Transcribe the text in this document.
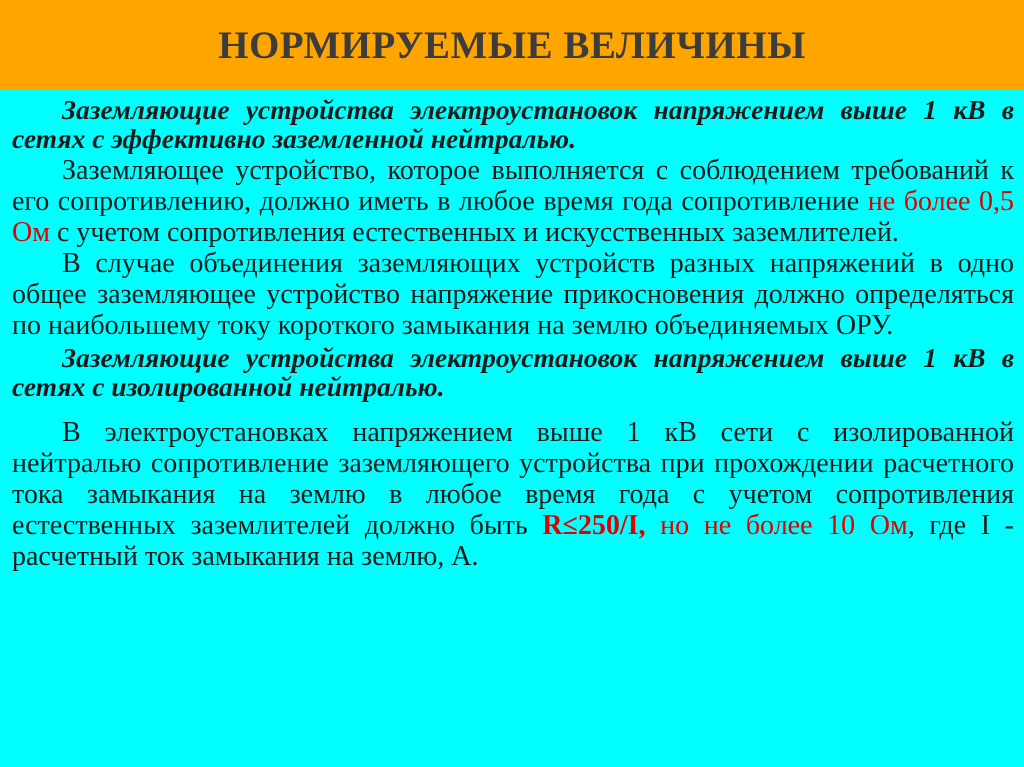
НОРМИРУЕМЫЕ ВЕЛИЧИНЫ

Заземляющие устройства электроустановок напряжением выше 1 кВ в сетях с эффективно заземленной нейтралью.

Заземляющее устройство, которое выполняется с соблюдением требований к его сопротивлению, должно иметь в любое время года сопротивление не более 0,5 Ом с учетом сопротивления естественных и искусственных заземлителей.

В случае объединения заземляющих устройств разных напряжений в одно общее заземляющее устройство напряжение прикосновения должно определяться по наибольшему току короткого замыкания на землю объединяемых ОРУ.

Заземляющие устройства электроустановок напряжением выше 1 кВ в сетях с изолированной нейтралью.

В электроустановках напряжением выше 1 кВ сети с изолированной нейтралью сопротивление заземляющего устройства при прохождении расчетного тока замыкания на землю в любое время года с учетом сопротивления естественных заземлителей должно быть R≤250/I, но не более 10 Ом, где I - расчетный ток замыкания на землю, А.
